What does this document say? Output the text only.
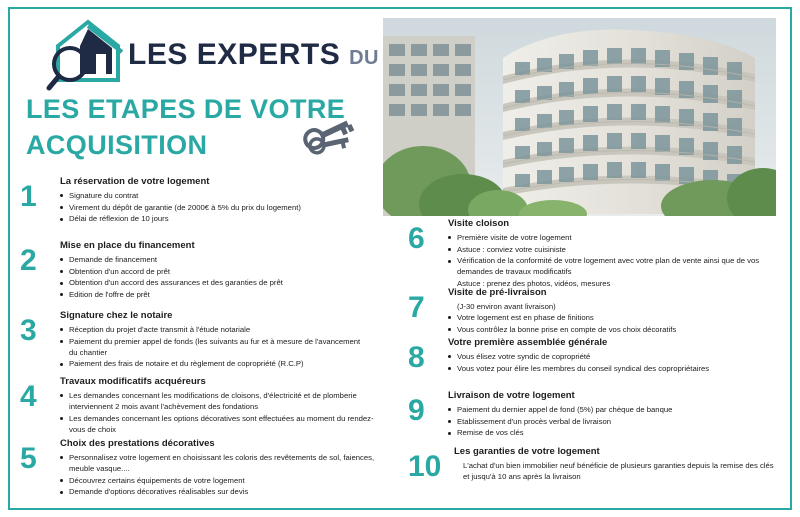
LES EXPERTS DU
LES ETAPES DE VOTRE ACQUISITION
1	La réservation de votre logement
Signature du contrat
Virement du dépôt de garantie (de 2000€ à 5% du prix du logement)
Délai de réflexion de 10 jours
2	Mise en place du financement
Demande de financement
Obtention d'un accord de prêt
Obtention d'un accord des assurances et des garanties de prêt
Edition de l'offre de prêt
3	Signature chez le notaire
Réception du projet d'acte transmit à l'étude notariale
Paiement du premier appel de fonds (les suivants au fur et à mesure de l'avancement du chantier
Paiement des frais de notaire et du règlement de copropriété (R.C.P)
4	Travaux modificatifs acquéreurs
Les demandes concernant les modifications de cloisons, d'électricité et de plomberie interviennent 2 mois avant l'achèvement des fondations
Les demandes concernant les options décoratives sont effectuées au moment du rendez-vous de choix
5	Choix des prestations décoratives
Personnalisez votre logement en choisissant les coloris des revêtements de sol, faiences, meuble vasque....
Découvrez certains équipements de votre logement
Demande d'options décoratives réalisables sur devis
6	Visite cloison
Première visite de votre logement
Astuce : conviez votre cuisiniste
Vérification de la conformité de votre logement avec votre plan de vente ainsi que de vos demandes de travaux modificatifs
Astuce : prenez des photos, vidéos, mesures
7	Visite de pré-livraison
(J-30 environ avant livraison)
Votre logement est en phase de finitions
Vous contrôlez la bonne prise en compte de vos choix décoratifs
8	Votre première assemblée générale
Vous élisez votre syndic de copropriété
Vous votez pour élire les membres du conseil syndical des copropriétaires
9	Livraison de votre logement
Paiement du dernier appel de fond (5%) par chèque de banque
Etablissement d'un procès verbal de livraison
Remise de vos clés
10	Les garanties de votre logement
L'achat d'un bien immobilier neuf bénéficie de plusieurs garanties depuis la remise des clés et jusqu'à 10 ans après la livraison
